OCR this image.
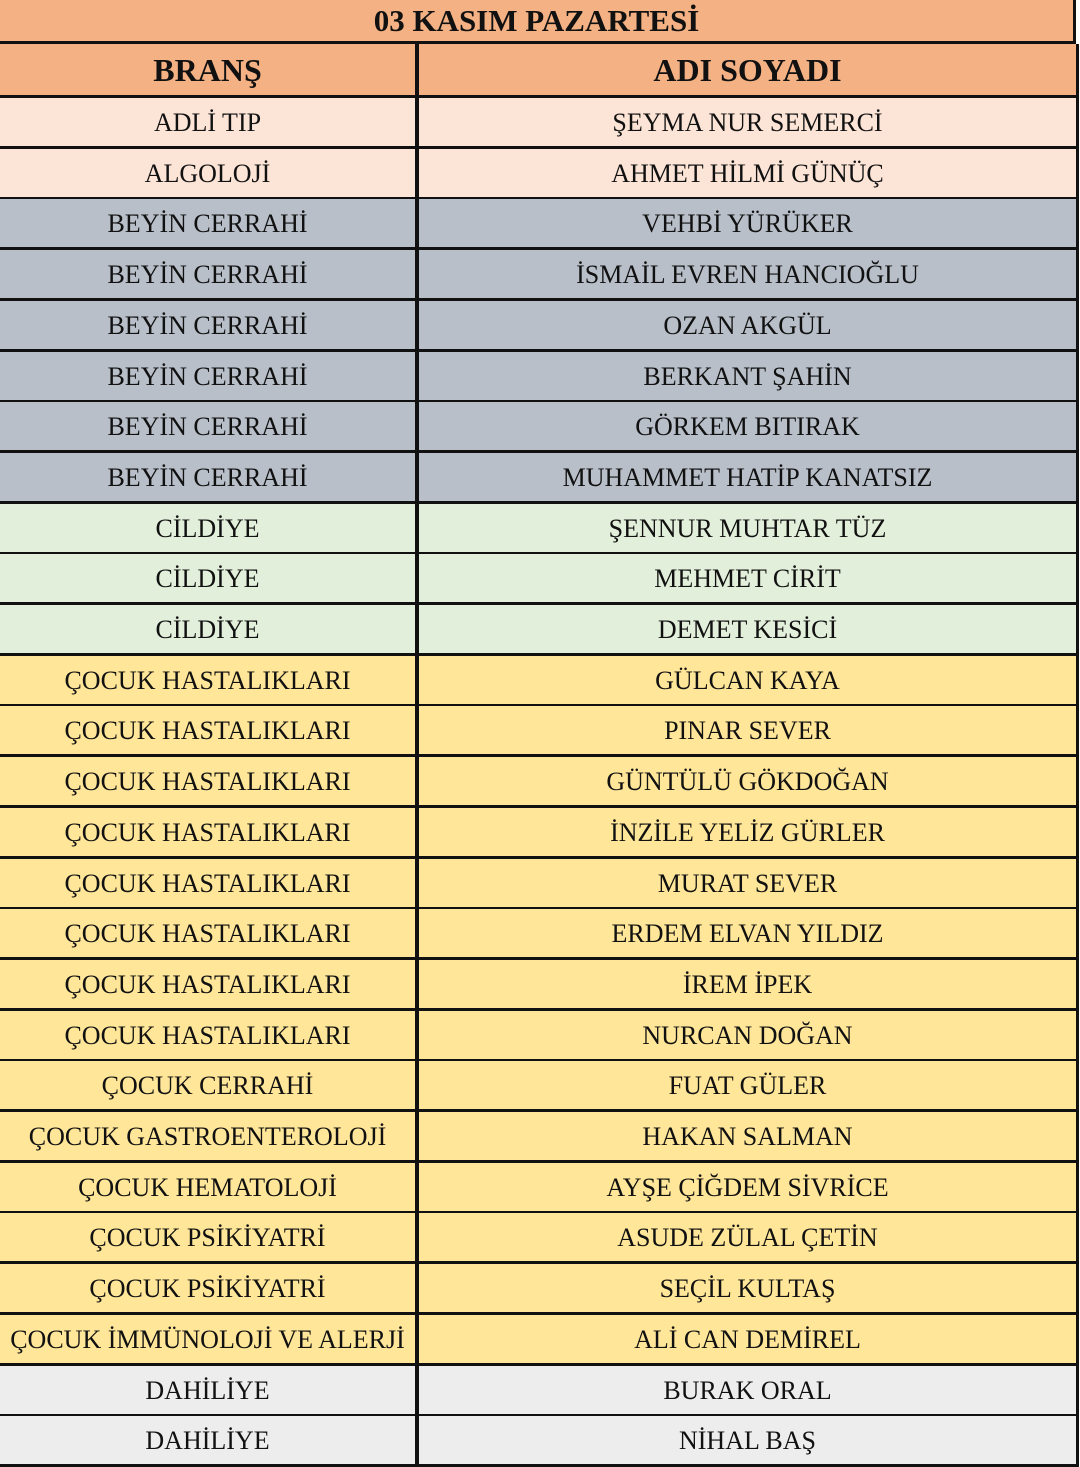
03 KASIM PAZARTESİ
BRANŞ	ADI SOYADI
ADLİ TIP	ŞEYMA NUR SEMERCİ
ALGOLOJİ	AHMET HİLMİ GÜNÜÇ
BEYİN CERRAHİ	VEHBİ YÜRÜKER
BEYİN CERRAHİ	İSMAİL EVREN HANCIOĞLU
BEYİN CERRAHİ	OZAN AKGÜL
BEYİN CERRAHİ	BERKANT ŞAHİN
BEYİN CERRAHİ	GÖRKEM BITIRAK
BEYİN CERRAHİ	MUHAMMET HATİP KANATSIZ
CİLDİYE	ŞENNUR MUHTAR TÜZ
CİLDİYE	MEHMET CİRİT
CİLDİYE	DEMET KESİCİ
ÇOCUK HASTALIKLARI	GÜLCAN KAYA
ÇOCUK HASTALIKLARI	PINAR SEVER
ÇOCUK HASTALIKLARI	GÜNTÜLÜ GÖKDOĞAN
ÇOCUK HASTALIKLARI	İNZİLE YELİZ GÜRLER
ÇOCUK HASTALIKLARI	MURAT SEVER
ÇOCUK HASTALIKLARI	ERDEM ELVAN YILDIZ
ÇOCUK HASTALIKLARI	İREM İPEK
ÇOCUK HASTALIKLARI	NURCAN DOĞAN
ÇOCUK CERRAHİ	FUAT GÜLER
ÇOCUK GASTROENTEROLOJİ	HAKAN SALMAN
ÇOCUK HEMATOLOJİ	AYŞE ÇİĞDEM SİVRİCE
ÇOCUK PSİKİYATRİ	ASUDE ZÜLAL ÇETİN
ÇOCUK PSİKİYATRİ	SEÇİL KULTAŞ
ÇOCUK İMMÜNOLOJİ VE ALERJİ	ALİ CAN DEMİREL
DAHİLİYE	BURAK ORAL
DAHİLİYE	NİHAL BAŞ
